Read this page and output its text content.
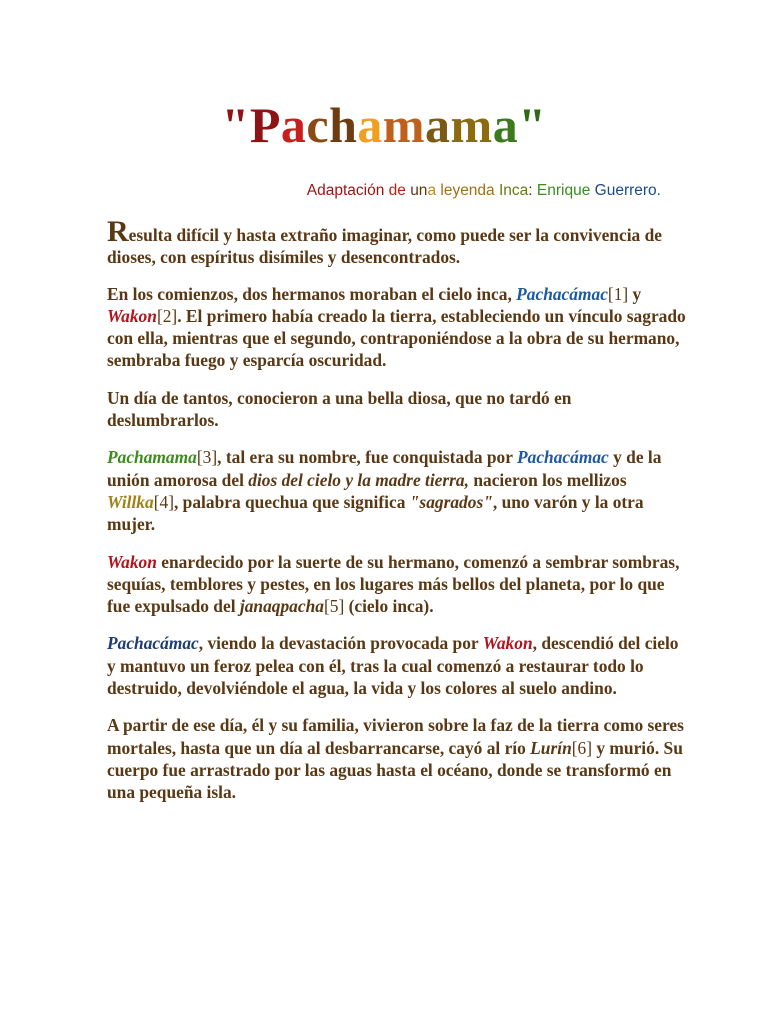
"Pachamama"
Adaptación de una leyenda Inca: Enrique Guerrero.

Resulta difícil y hasta extraño imaginar, como puede ser la convivencia de dioses, con espíritus disímiles y desencontrados.

En los comienzos, dos hermanos moraban el cielo inca, Pachacámac[1] y Wakon[2]. El primero había creado la tierra, estableciendo un vínculo sagrado con ella, mientras que el segundo, contraponiéndose a la obra de su hermano, sembraba fuego y esparcía oscuridad.

Un día de tantos, conocieron a una bella diosa, que no tardó en deslumbrarlos.

Pachamama[3], tal era su nombre, fue conquistada por Pachacámac y de la unión amorosa del dios del cielo y la madre tierra, nacieron los mellizos Willka[4], palabra quechua que significa "sagrados", uno varón y la otra mujer.

Wakon enardecido por la suerte de su hermano, comenzó a sembrar sombras, sequías, temblores y pestes, en los lugares más bellos del planeta, por lo que fue expulsado del janaqpacha[5] (cielo inca).

Pachacámac, viendo la devastación provocada por Wakon, descendió del cielo y mantuvo un feroz pelea con él, tras la cual comenzó a restaurar todo lo destruido, devolviéndole el agua, la vida y los colores al suelo andino.

A partir de ese día, él y su familia, vivieron sobre la faz de la tierra como seres mortales, hasta que un día al desbarrancarse, cayó al río Lurín[6] y murió. Su cuerpo fue arrastrado por las aguas hasta el océano, donde se transformó en una pequeña isla.
